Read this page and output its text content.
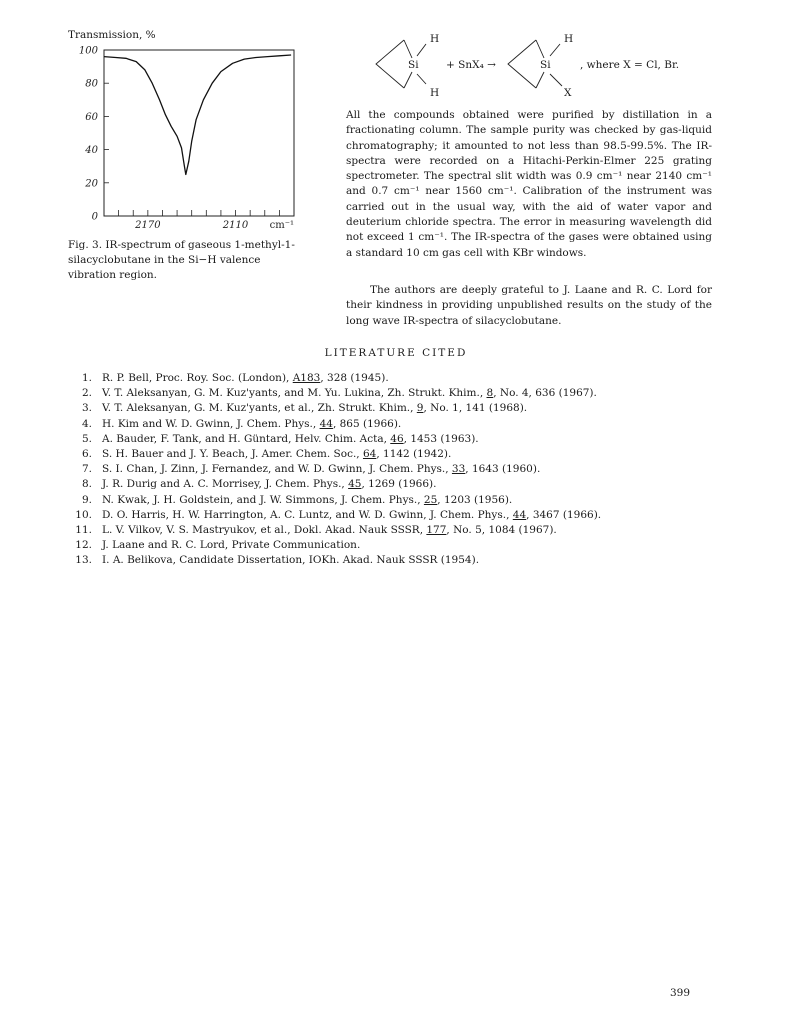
Transmission, %
100
80
60
40
20
0
2170	2110 cm⁻¹
Fig. 3. IR-spectrum of gaseous 1-methyl-1-silacyclobutane in the Si−H valence vibration region.
H
Si
H
+ SnX₄ →
H
Si
X
, where X = Cl, Br.
All the compounds obtained were purified by distillation in a fractionating column. The sample purity was checked by gas-liquid chromatography; it amounted to not less than 98.5-99.5%. The IR-spectra were recorded on a Hitachi-Perkin-Elmer 225 grating spectrometer. The spectral slit width was 0.9 cm⁻¹ near 2140 cm⁻¹ and 0.7 cm⁻¹ near 1560 cm⁻¹. Calibration of the instrument was carried out in the usual way, with the aid of water vapor and deuterium chloride spectra. The error in measuring wavelength did not exceed 1 cm⁻¹. The IR-spectra of the gases were obtained using a standard 10 cm gas cell with KBr windows.
The authors are deeply grateful to J. Laane and R. C. Lord for their kindness in providing unpublished results on the study of the long wave IR-spectra of silacyclobutane.
LITERATURE CITED
1. R. P. Bell, Proc. Roy. Soc. (London), A183, 328 (1945).
2. V. T. Aleksanyan, G. M. Kuz'yants, and M. Yu. Lukina, Zh. Strukt. Khim., 8, No. 4, 636 (1967).
3. V. T. Aleksanyan, G. M. Kuz'yants, et al., Zh. Strukt. Khim., 9, No. 1, 141 (1968).
4. H. Kim and W. D. Gwinn, J. Chem. Phys., 44, 865 (1966).
5. A. Bauder, F. Tank, and H. Güntard, Helv. Chim. Acta, 46, 1453 (1963).
6. S. H. Bauer and J. Y. Beach, J. Amer. Chem. Soc., 64, 1142 (1942).
7. S. I. Chan, J. Zinn, J. Fernandez, and W. D. Gwinn, J. Chem. Phys., 33, 1643 (1960).
8. J. R. Durig and A. C. Morrisey, J. Chem. Phys., 45, 1269 (1966).
9. N. Kwak, J. H. Goldstein, and J. W. Simmons, J. Chem. Phys., 25, 1203 (1956).
10. D. O. Harris, H. W. Harrington, A. C. Luntz, and W. D. Gwinn, J. Chem. Phys., 44, 3467 (1966).
11. L. V. Vilkov, V. S. Mastryukov, et al., Dokl. Akad. Nauk SSSR, 177, No. 5, 1084 (1967).
12. J. Laane and R. C. Lord, Private Communication.
13. I. A. Belikova, Candidate Dissertation, IOKh. Akad. Nauk SSSR (1954).
399
